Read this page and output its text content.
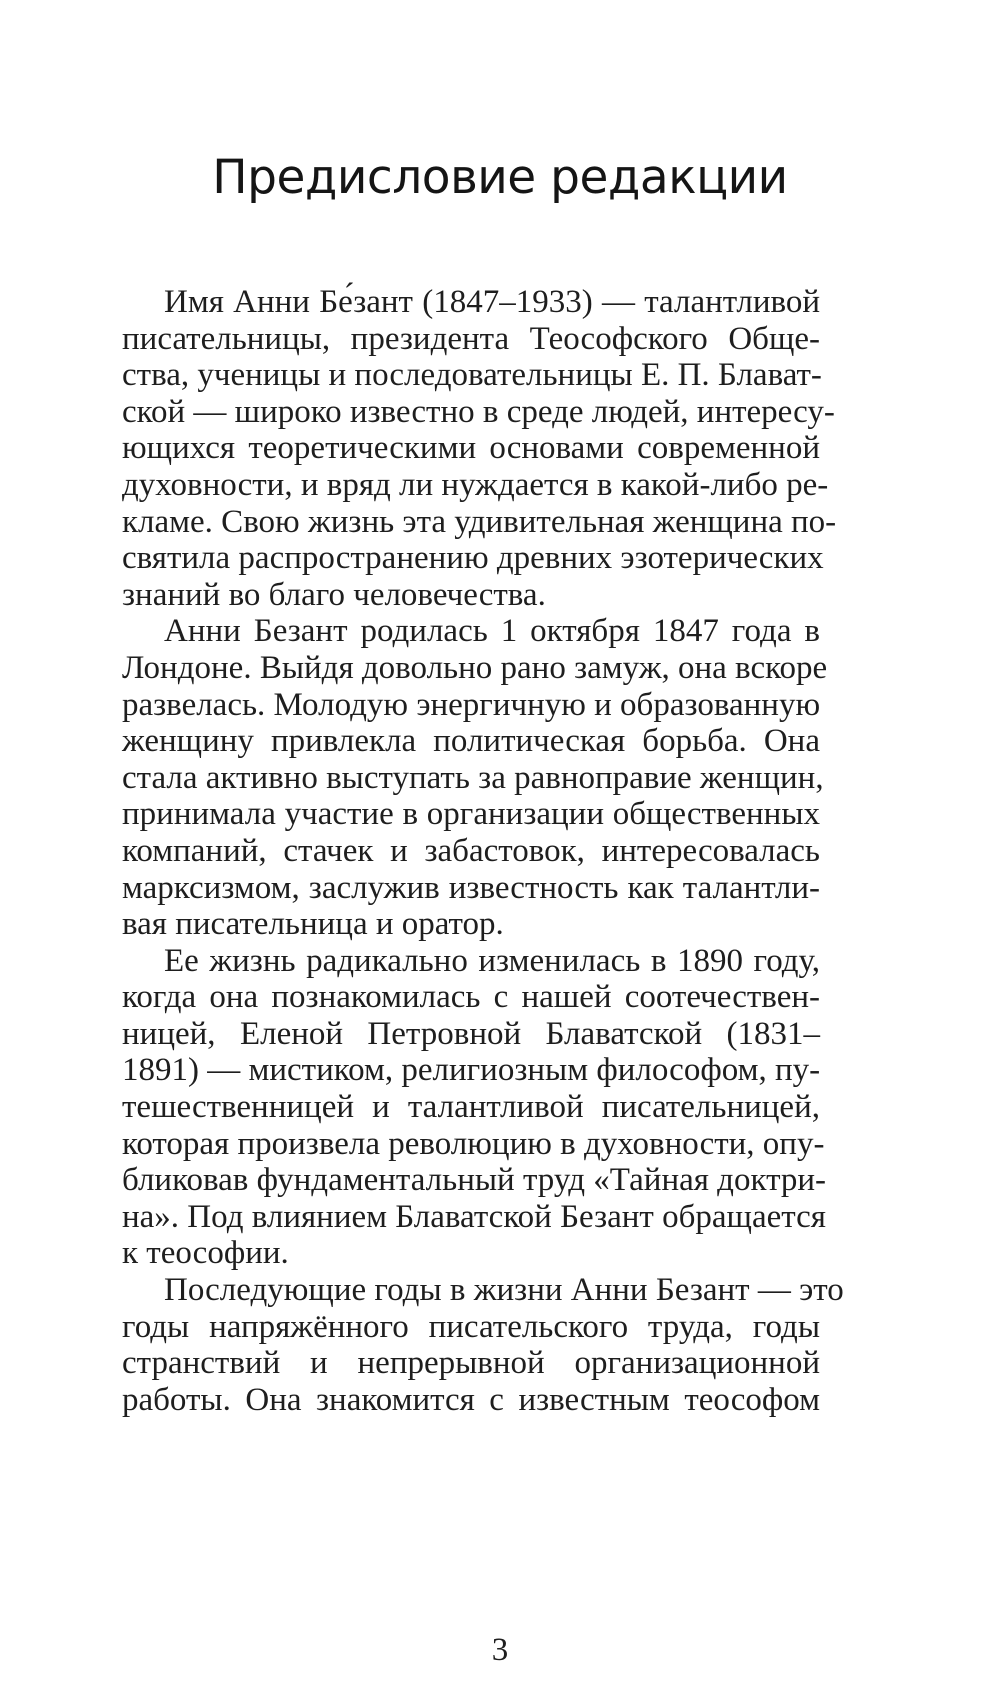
Предисловие редакции
Имя Анни Бе́зант (1847–1933) — талантливой
писательницы, президента Теософского Обще-
ства, ученицы и последовательницы Е. П. Блават-
ской — широко известно в среде людей, интересу-
ющихся теоретическими основами современной
духовности, и вряд ли нуждается в какой-либо ре-
кламе. Свою жизнь эта удивительная женщина по-
святила распространению древних эзотерических
знаний во благо человечества.
Анни Безант родилась 1 октября 1847 года в
Лондоне. Выйдя довольно рано замуж, она вскоре
развелась. Молодую энергичную и образованную
женщину привлекла политическая борьба. Она
стала активно выступать за равноправие женщин,
принимала участие в организации общественных
компаний, стачек и забастовок, интересовалась
марксизмом, заслужив известность как талантли-
вая писательница и оратор.
Ее жизнь радикально изменилась в 1890 году,
когда она познакомилась с нашей соотечествен-
ницей, Еленой Петровной Блаватской (1831–
1891) — мистиком, религиозным философом, пу-
тешественницей и талантливой писательницей,
которая произвела революцию в духовности, опу-
бликовав фундаментальный труд «Тайная доктри-
на». Под влиянием Блаватской Безант обращается
к теософии.
Последующие годы в жизни Анни Безант — это
годы напряжённого писательского труда, годы
странствий и непрерывной организационной
работы. Она знакомится с известным теософом
3
